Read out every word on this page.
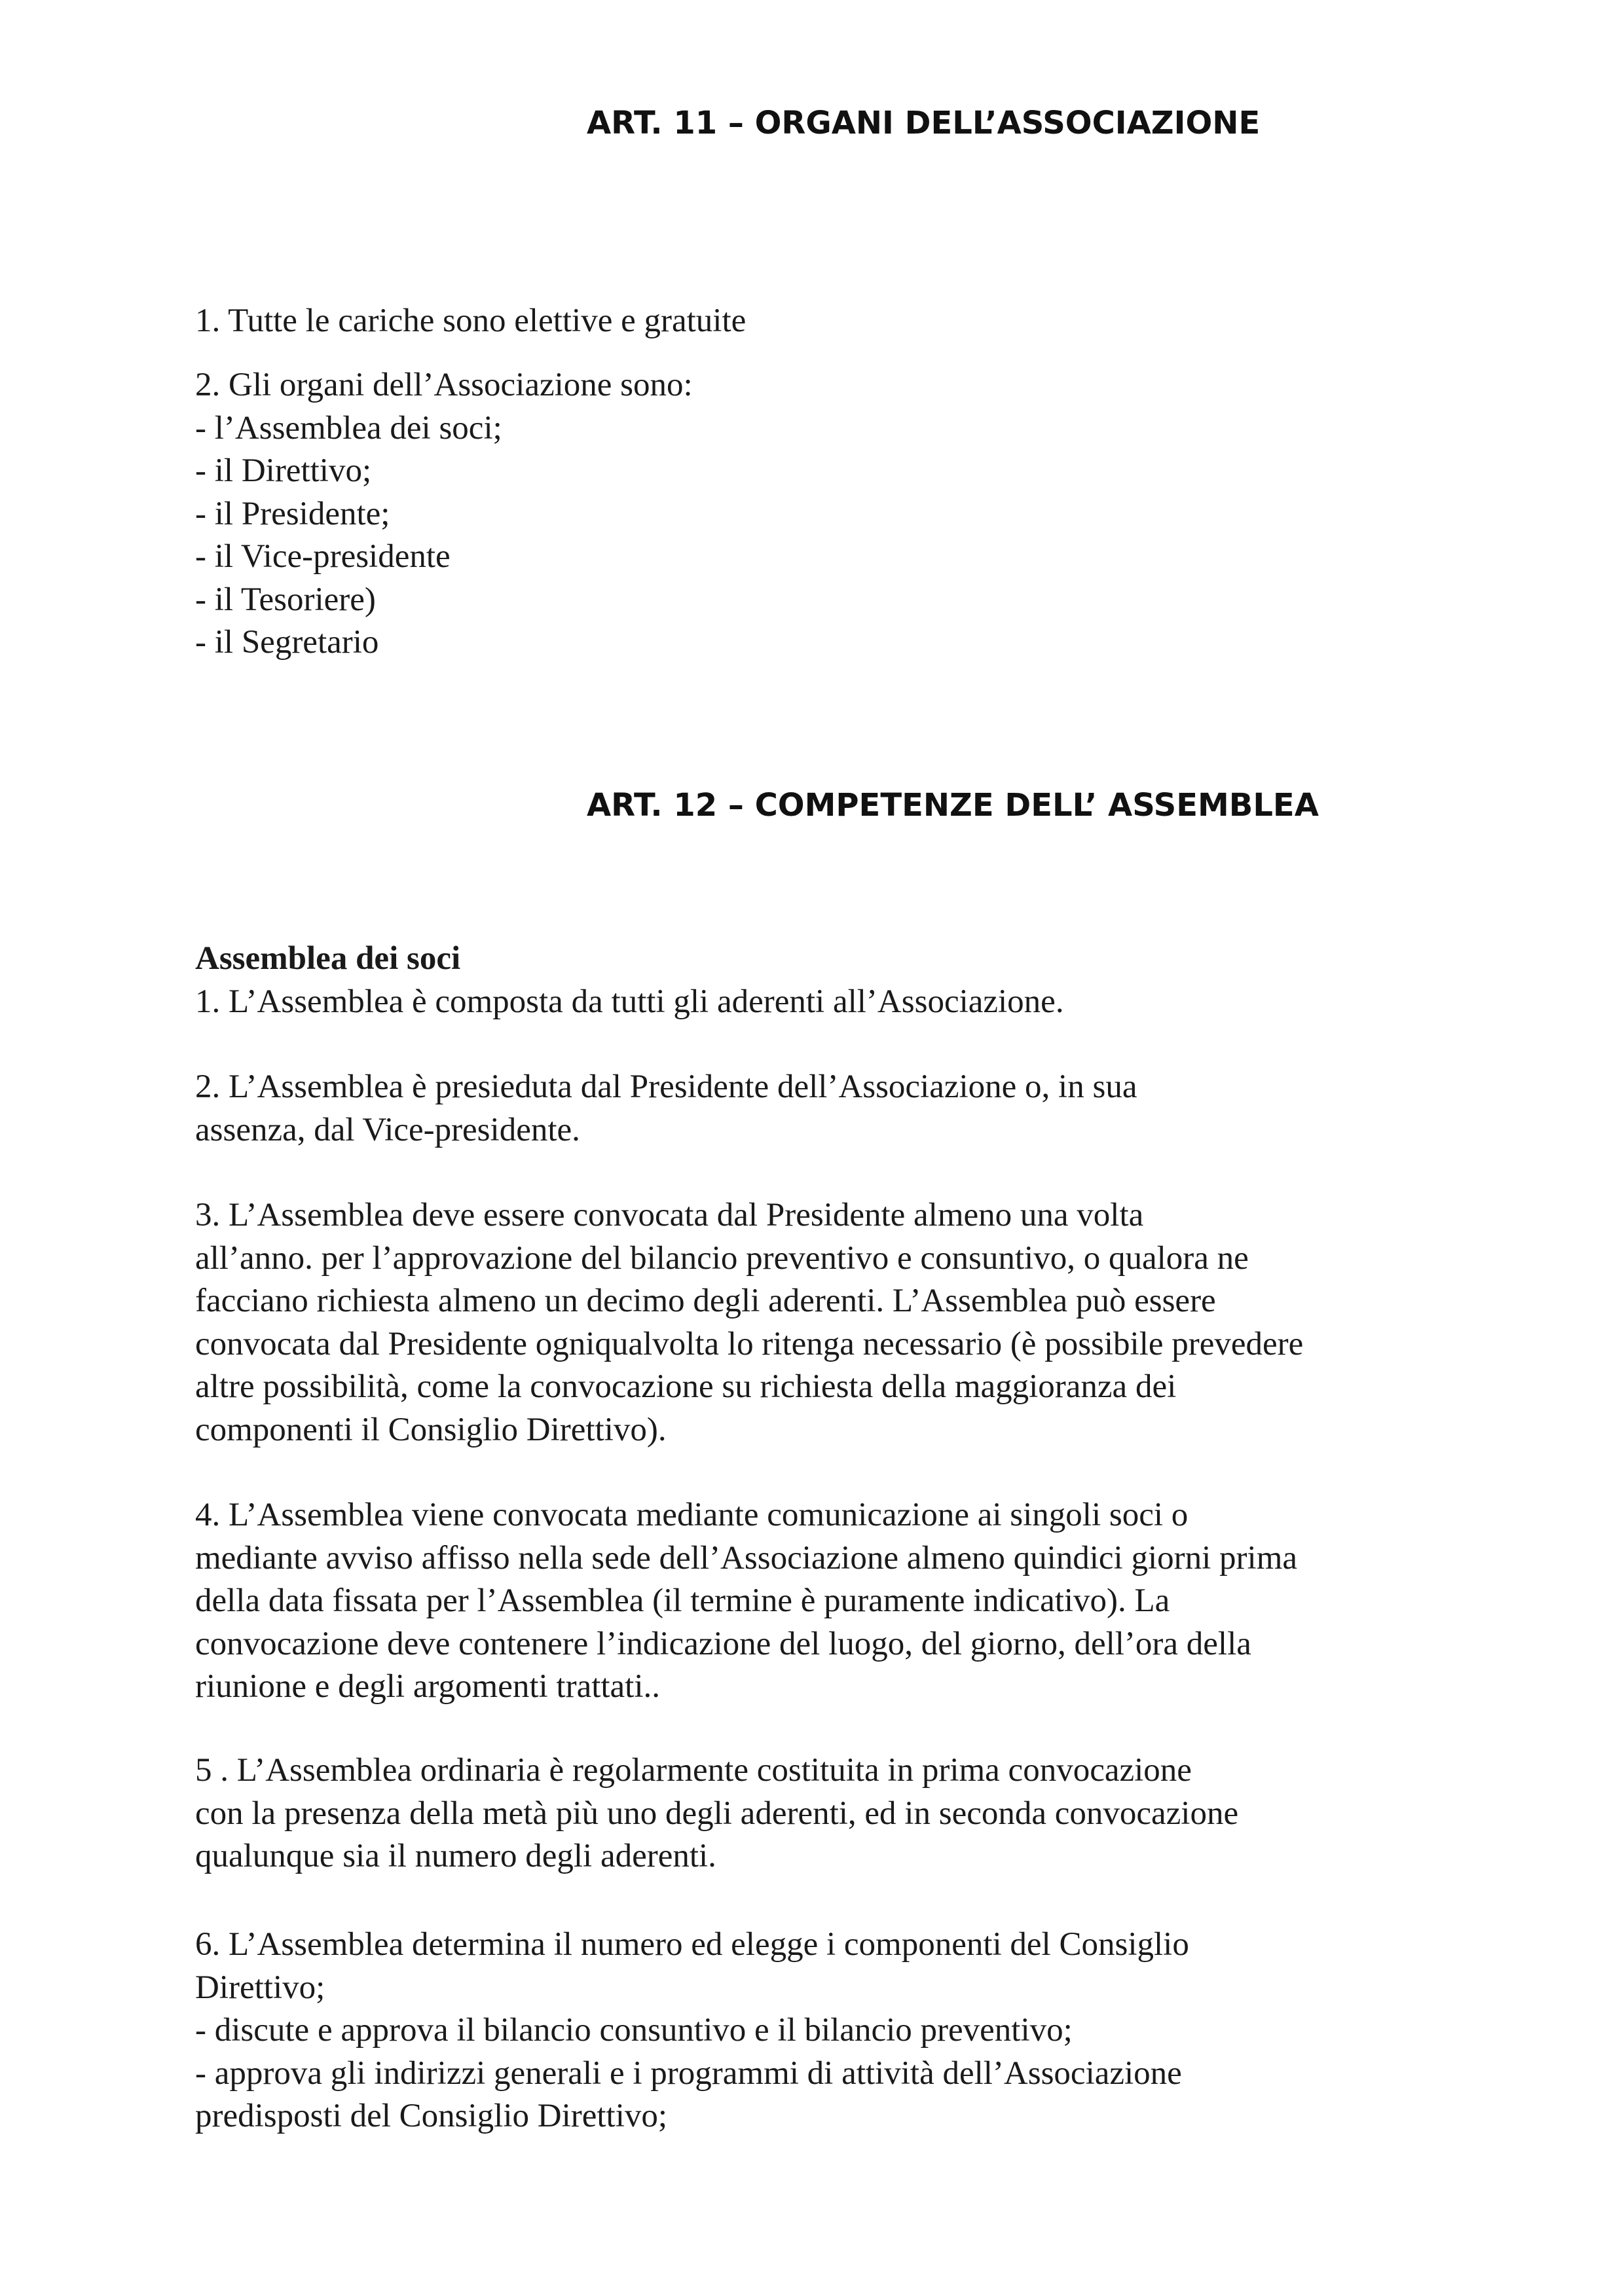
ART. 11 – ORGANI DELL’ASSOCIAZIONE
1. Tutte le cariche sono elettive e gratuite
2. Gli organi dell’Associazione sono:
- l’Assemblea dei soci;
- il Direttivo;
- il Presidente;
- il Vice-presidente
- il Tesoriere)
- il Segretario
ART. 12 – COMPETENZE DELL’ ASSEMBLEA
Assemblea dei soci
1. L’Assemblea è composta da tutti gli aderenti all’Associazione.
2. L’Assemblea è presieduta dal Presidente dell’Associazione o, in sua
assenza, dal Vice-presidente.
3. L’Assemblea deve essere convocata dal Presidente almeno una volta
all’anno. per l’approvazione del bilancio preventivo e consuntivo, o qualora ne
facciano richiesta almeno un decimo degli aderenti. L’Assemblea può essere
convocata dal Presidente ogniqualvolta lo ritenga necessario (è possibile prevedere
altre possibilità, come la convocazione su richiesta della maggioranza dei
componenti il Consiglio Direttivo).
4. L’Assemblea viene convocata mediante comunicazione ai singoli soci o
mediante avviso affisso nella sede dell’Associazione almeno quindici giorni prima
della data fissata per l’Assemblea (il termine è puramente indicativo). La
convocazione deve contenere l’indicazione del luogo, del giorno, dell’ora della
riunione e degli argomenti trattati..
5 . L’Assemblea ordinaria è regolarmente costituita in prima convocazione
con la presenza della metà più uno degli aderenti, ed in seconda convocazione
qualunque sia il numero degli aderenti.
6. L’Assemblea determina il numero ed elegge i componenti del Consiglio
Direttivo;
- discute e approva il bilancio consuntivo e il bilancio preventivo;
- approva gli indirizzi generali e i programmi di attività dell’Associazione
predisposti del Consiglio Direttivo;
